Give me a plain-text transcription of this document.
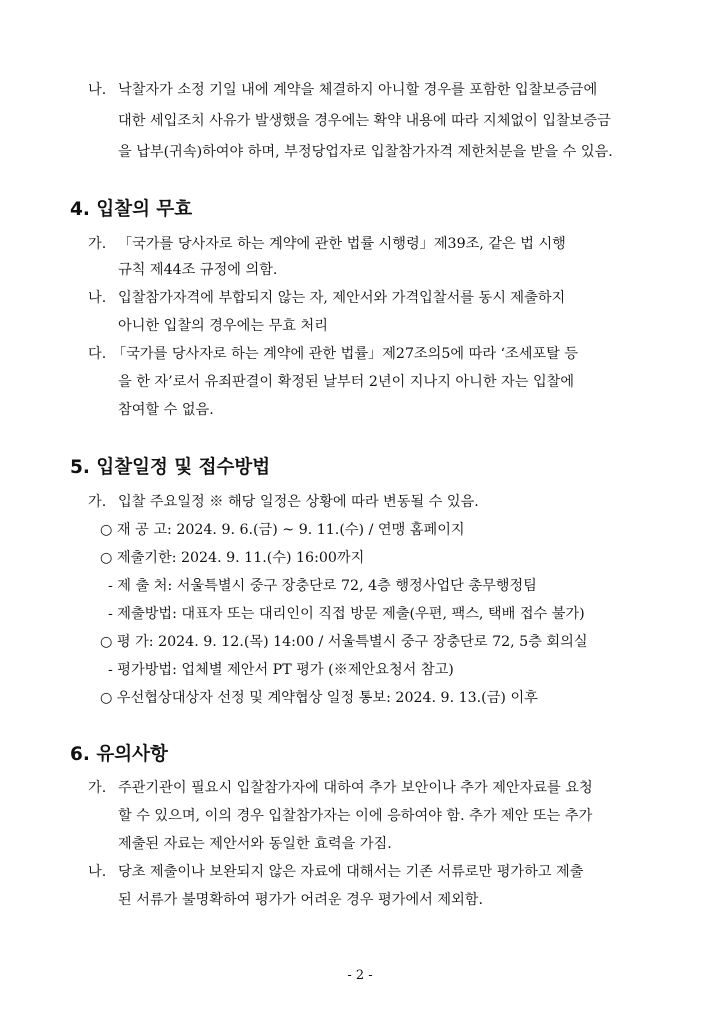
나. 낙찰자가 소정 기일 내에 계약을 체결하지 아니할 경우를 포함한 입찰보증금에
대한 세입조치 사유가 발생했을 경우에는 확약 내용에 따라 지체없이 입찰보증금
을 납부(귀속)하여야 하며, 부정당업자로 입찰참가자격 제한처분을 받을 수 있음.
4. 입찰의 무효
가. 「국가를 당사자로 하는 계약에 관한 법률 시행령」제39조, 같은 법 시행
규칙 제44조 규정에 의함.
나. 입찰참가자격에 부합되지 않는 자, 제안서와 가격입찰서를 동시 제출하지
아니한 입찰의 경우에는 무효 처리
다. 「국가를 당사자로 하는 계약에 관한 법률」제27조의5에 따라 ‘조세포탈 등
을 한 자’로서 유죄판결이 확정된 날부터 2년이 지나지 아니한 자는 입찰에
참여할 수 없음.
5. 입찰일정 및 접수방법
가. 입찰 주요일정 ※ 해당 일정은 상황에 따라 변동될 수 있음.
○ 재 공 고: 2024. 9. 6.(금) ~ 9. 11.(수) / 연맹 홈페이지
○ 제출기한: 2024. 9. 11.(수) 16:00까지
- 제 출 처: 서울특별시 중구 장충단로 72, 4층 행정사업단 총무행정팀
- 제출방법: 대표자 또는 대리인이 직접 방문 제출(우편, 팩스, 택배 접수 불가)
○ 평 가: 2024. 9. 12.(목) 14:00 / 서울특별시 중구 장충단로 72, 5층 회의실
- 평가방법: 업체별 제안서 PT 평가 (※제안요청서 참고)
○ 우선협상대상자 선정 및 계약협상 일정 통보: 2024. 9. 13.(금) 이후
6. 유의사항
가. 주관기관이 필요시 입찰참가자에 대하여 추가 보안이나 추가 제안자료를 요청
할 수 있으며, 이의 경우 입찰참가자는 이에 응하여야 함. 추가 제안 또는 추가
제출된 자료는 제안서와 동일한 효력을 가짐.
나. 당초 제출이나 보완되지 않은 자료에 대해서는 기존 서류로만 평가하고 제출
된 서류가 불명확하여 평가가 어려운 경우 평가에서 제외함.
- 2 -
